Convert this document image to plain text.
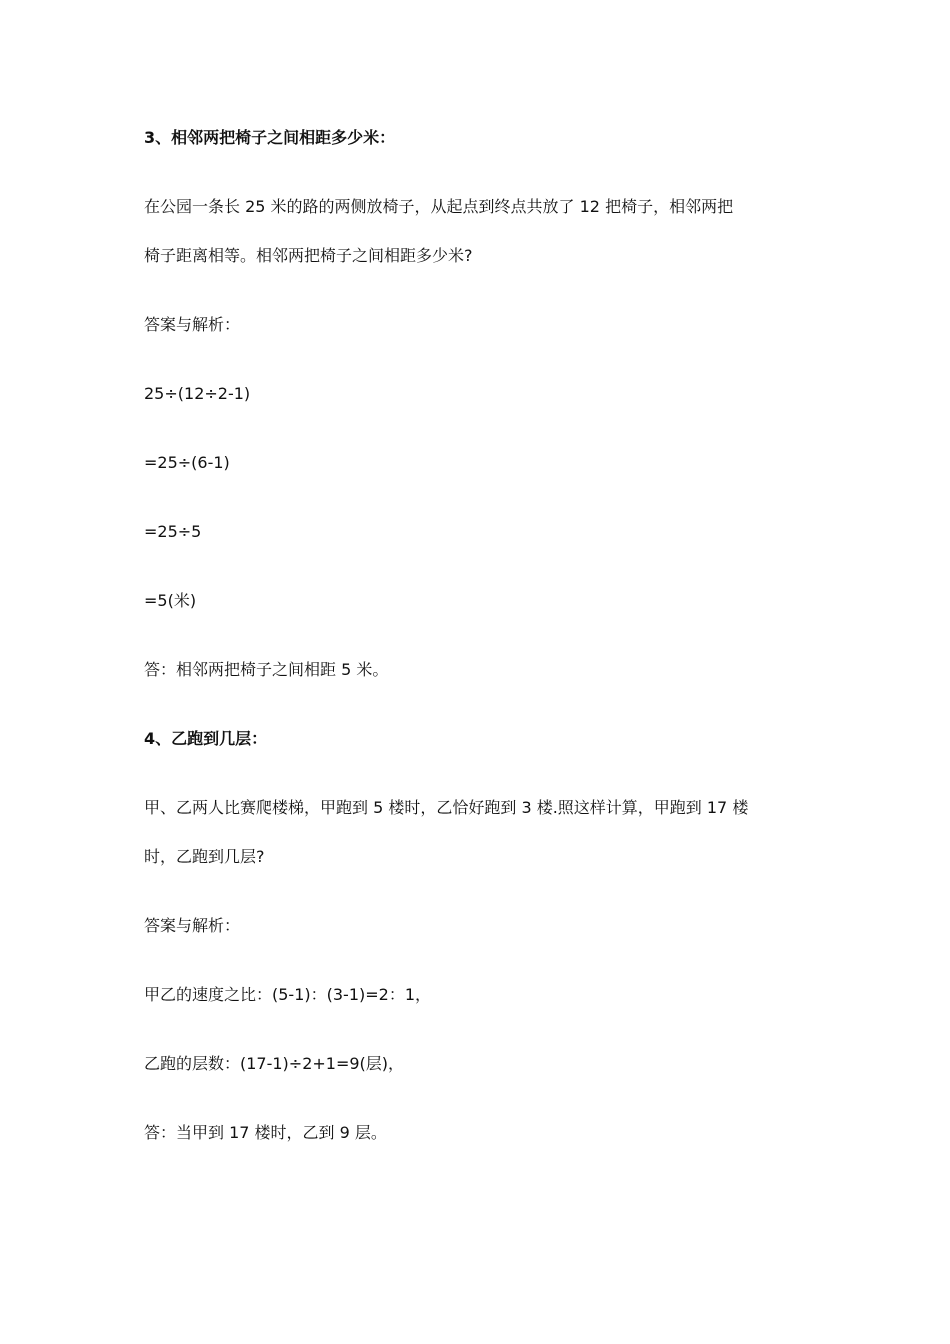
3、相邻两把椅子之间相距多少米：
在公园一条长 25 米的路的两侧放椅子，从起点到终点共放了 12 把椅子，相邻两把
椅子距离相等。相邻两把椅子之间相距多少米?
答案与解析：
25÷(12÷2-1)
=25÷(6-1)
=25÷5
=5(米)
答：相邻两把椅子之间相距 5 米。
4、乙跑到几层：
甲、乙两人比赛爬楼梯，甲跑到 5 楼时，乙恰好跑到 3 楼.照这样计算，甲跑到 17 楼
时，乙跑到几层?
答案与解析：
甲乙的速度之比：(5-1)：(3-1)=2：1，
乙跑的层数：(17-1)÷2+1=9(层)，
答：当甲到 17 楼时，乙到 9 层。
